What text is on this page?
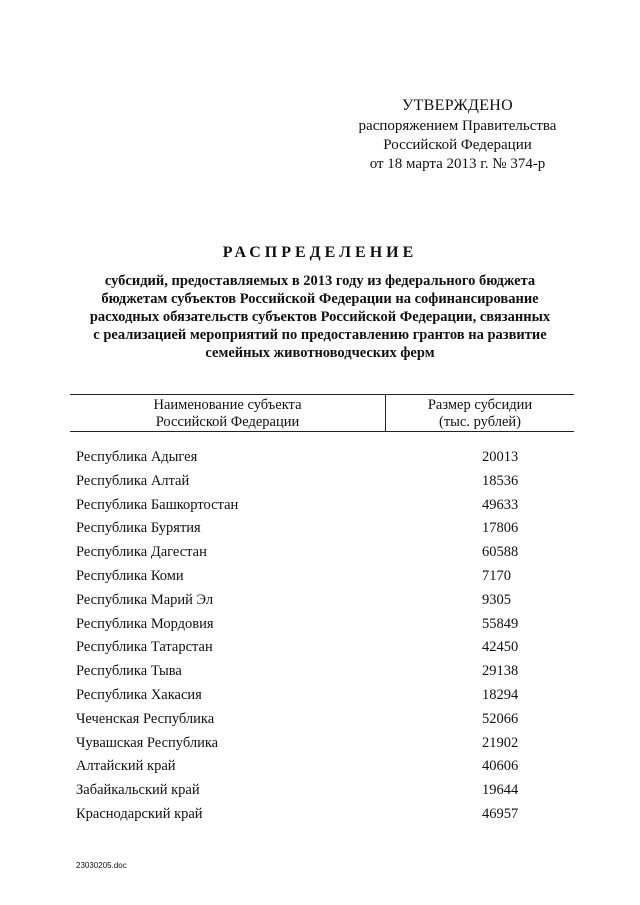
УТВЕРЖДЕНО
распоряжением Правительства
Российской Федерации
от 18 марта 2013 г. № 374-р
РАСПРЕДЕЛЕНИЕ
субсидий, предоставляемых в 2013 году из федерального бюджета
бюджетам субъектов Российской Федерации на софинансирование
расходных обязательств субъектов Российской Федерации, связанных
с реализацией мероприятий по предоставлению грантов на развитие
семейных животноводческих ферм
Наименование субъекта
Российской Федерации
Размер субсидии
(тыс. рублей)
Республика Адыгея	20013
Республика Алтай	18536
Республика Башкортостан	49633
Республика Бурятия	17806
Республика Дагестан	60588
Республика Коми	7170
Республика Марий Эл	9305
Республика Мордовия	55849
Республика Татарстан	42450
Республика Тыва	29138
Республика Хакасия	18294
Чеченская Республика	52066
Чувашская Республика	21902
Алтайский край	40606
Забайкальский край	19644
Краснодарский край	46957
23030205.doc
